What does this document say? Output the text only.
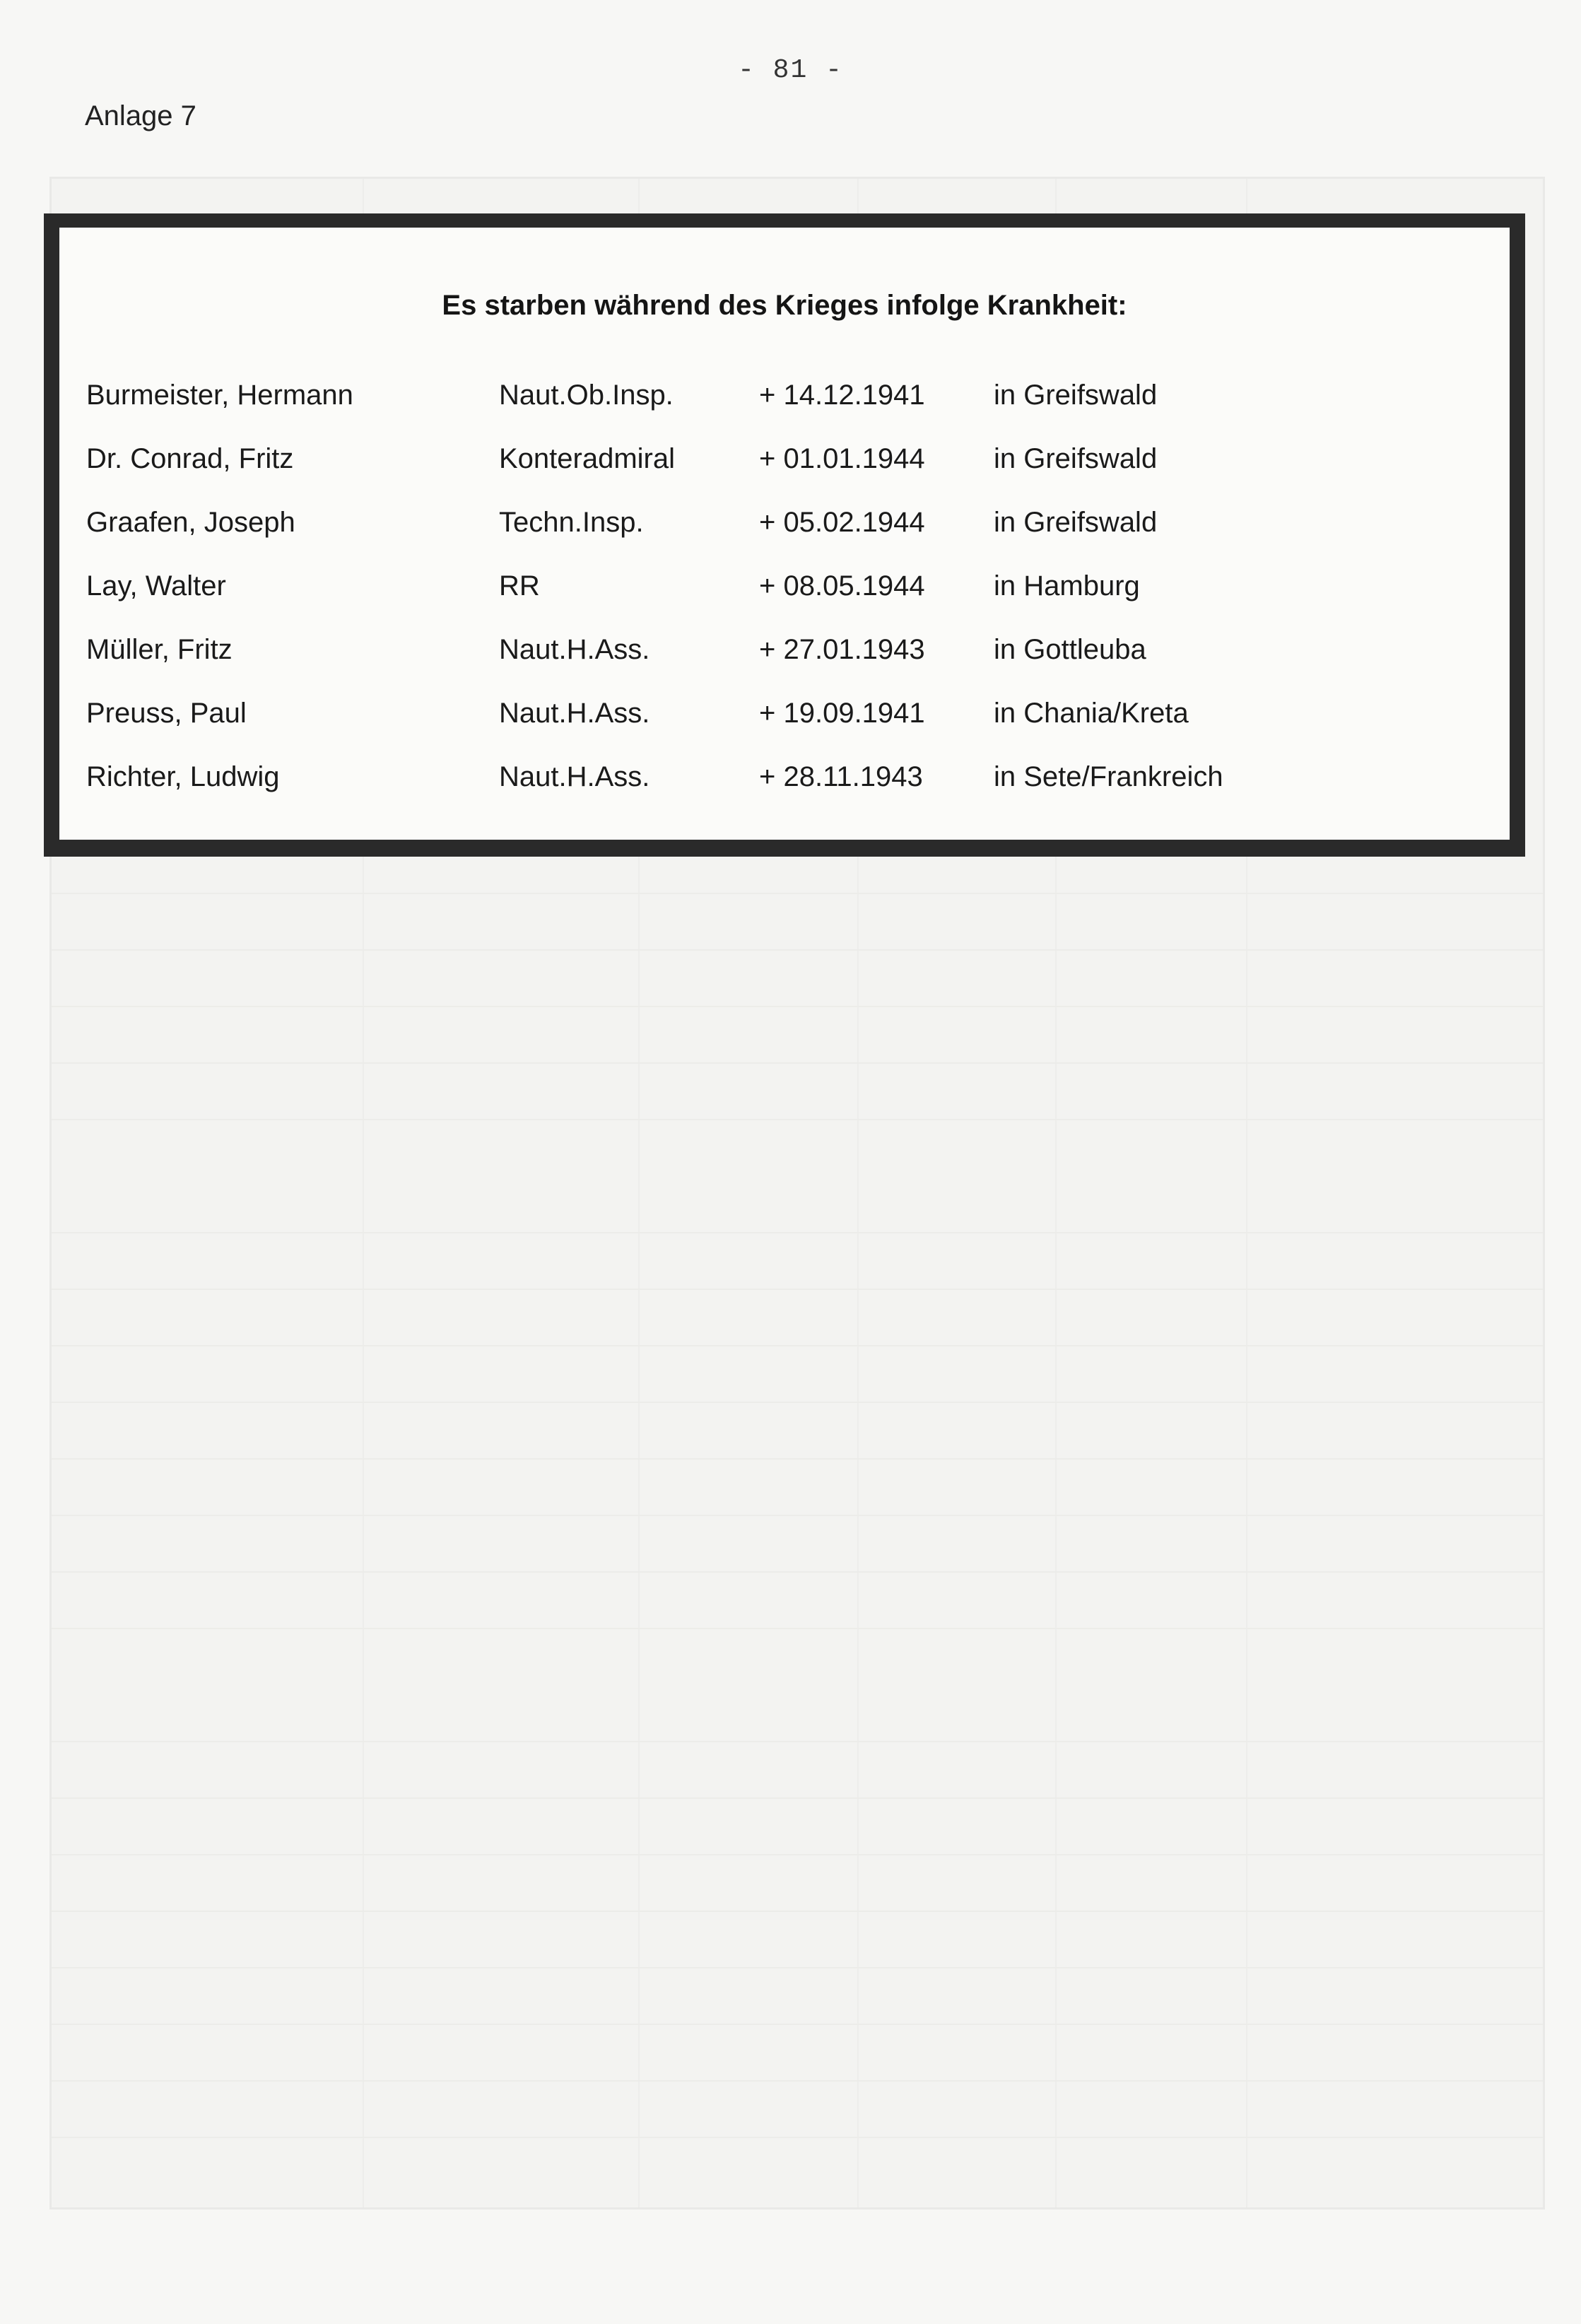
- 81 -
Anlage 7
Es starben während des Krieges infolge Krankheit:
Burmeister, Hermann	Naut.Ob.Insp.	+ 14.12.1941 in Greifswald
Dr. Conrad, Fritz	Konteradmiral	+ 01.01.1944 in Greifswald
Graafen, Joseph	Techn.Insp.	+ 05.02.1944 in Greifswald
Lay, Walter	RR	+ 08.05.1944 in Hamburg
Müller, Fritz	Naut.H.Ass.	+ 27.01.1943 in Gottleuba
Preuss, Paul	Naut.H.Ass.	+ 19.09.1941 in Chania/Kreta
Richter, Ludwig	Naut.H.Ass.	+ 28.11.1943	in Sete/Frankreich
